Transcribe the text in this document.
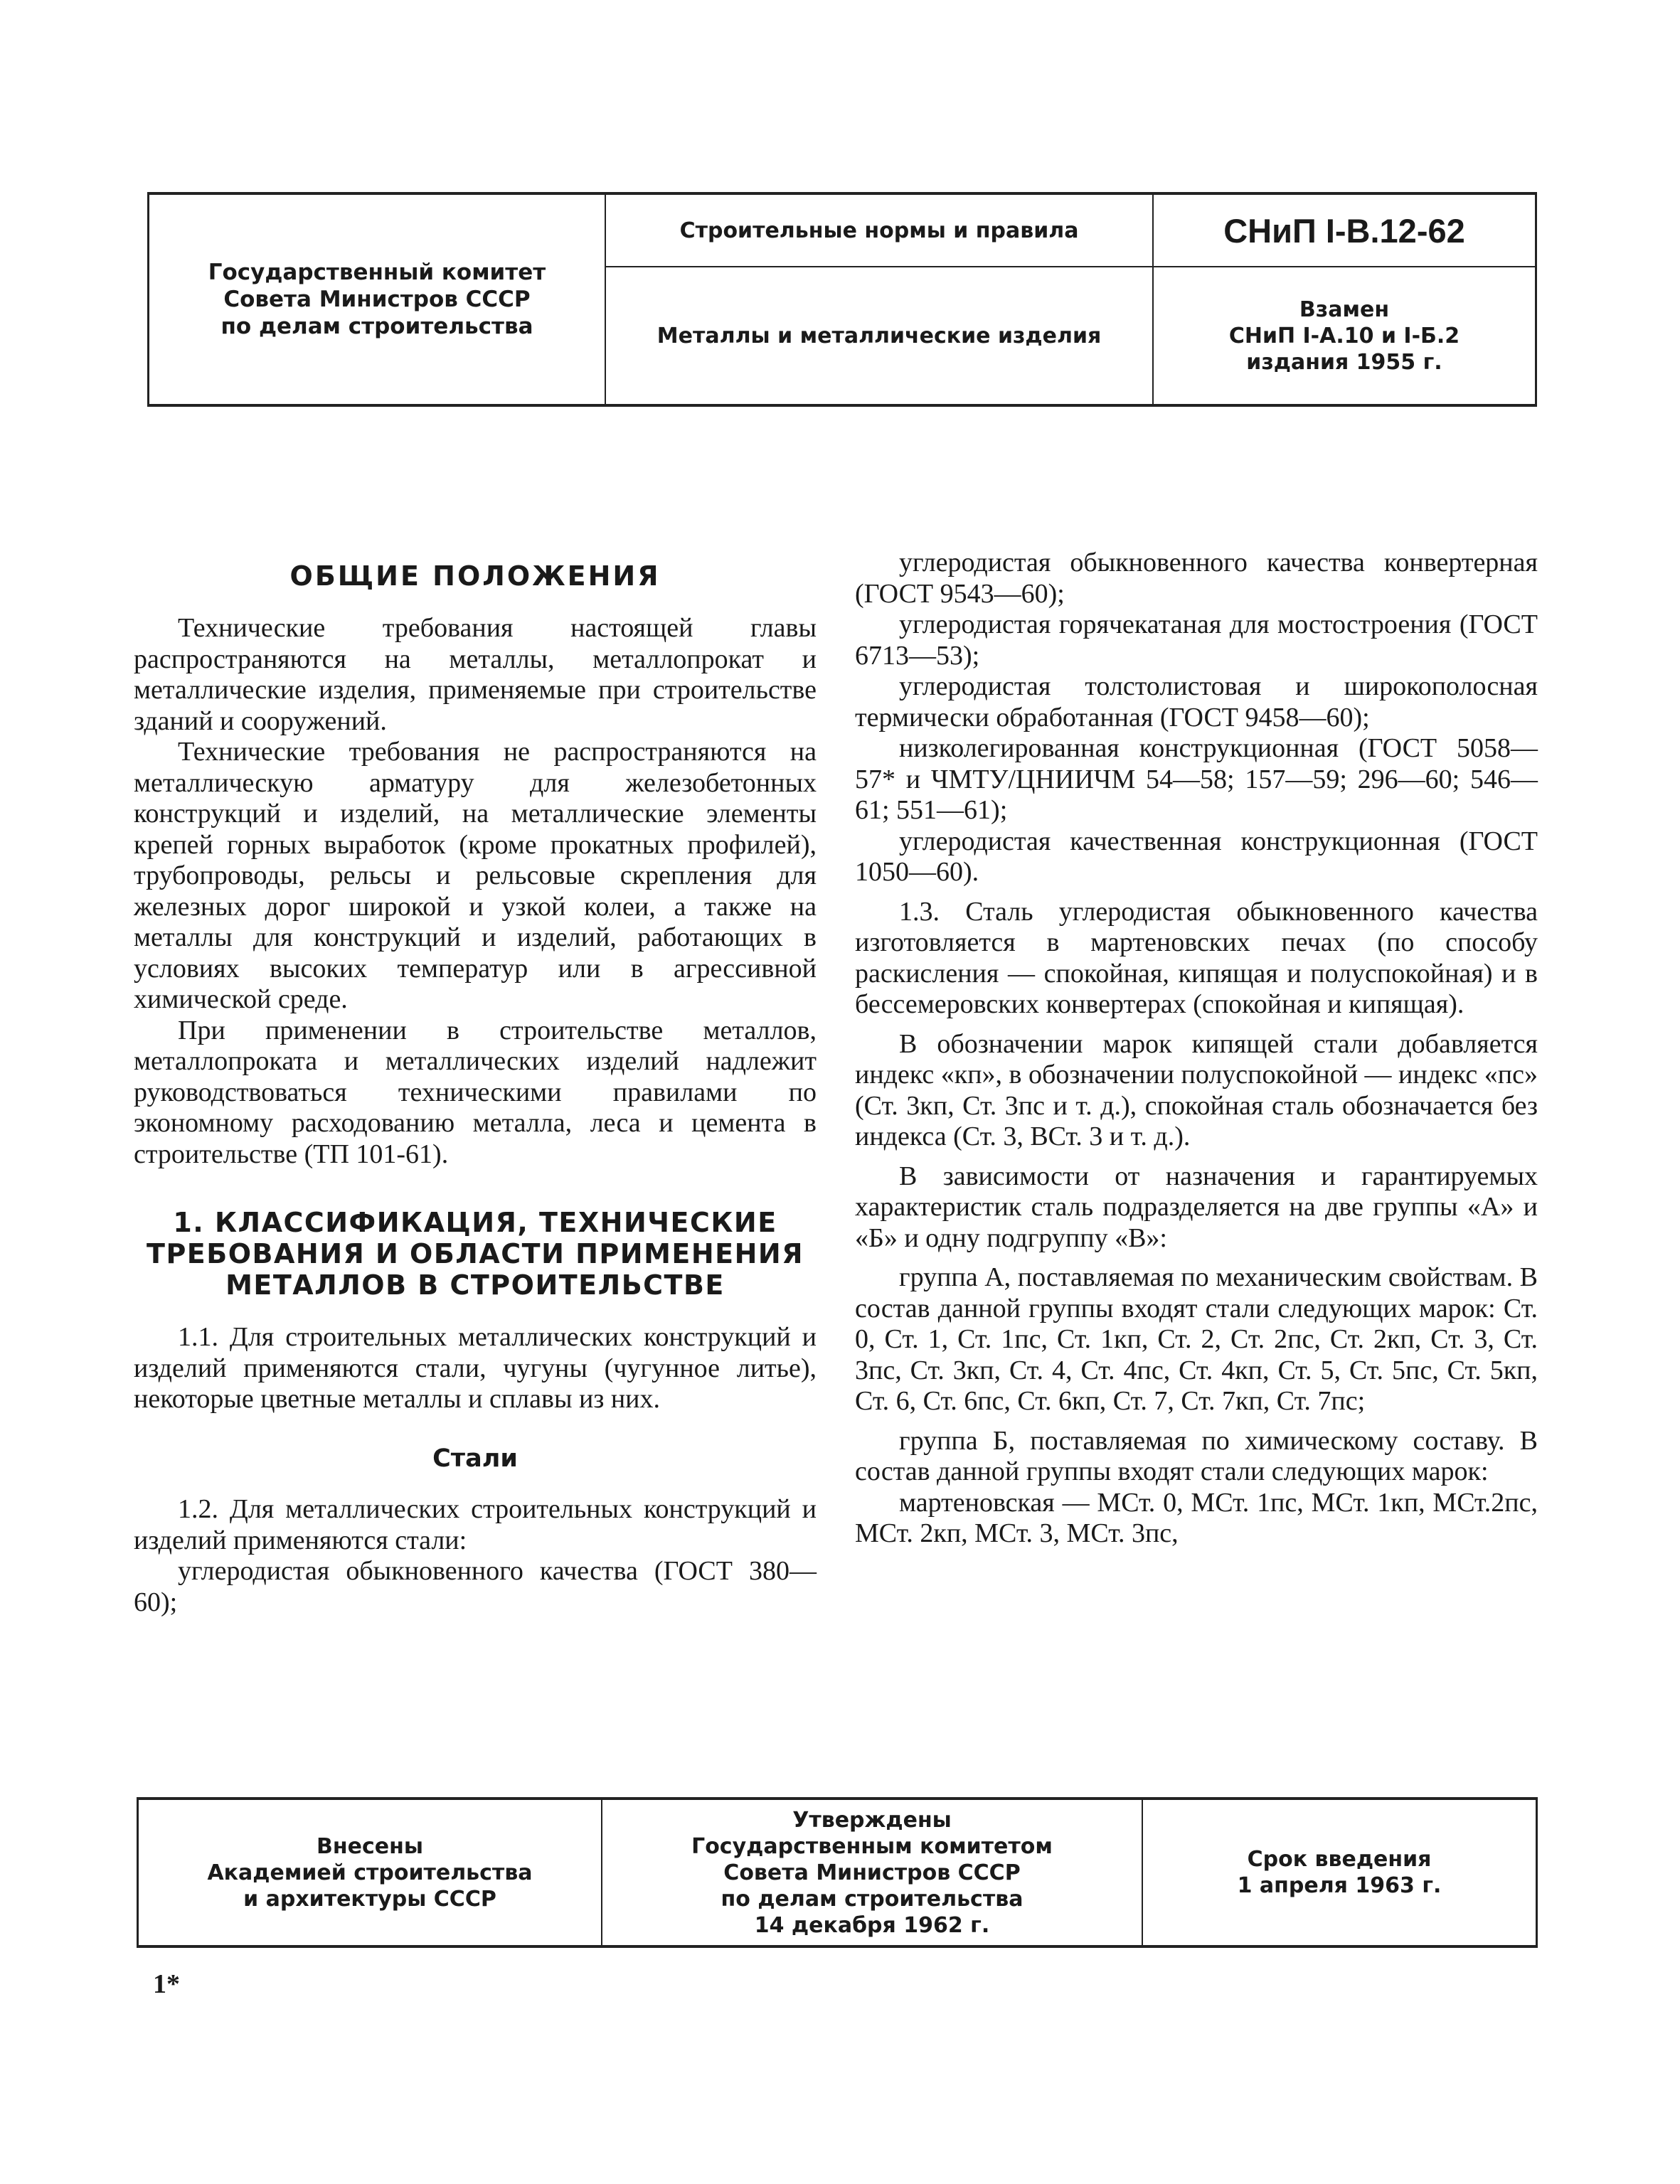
Государственный комитет
Совета Министров СССР
по делам строительства
Строительные нормы и правила	СНиП I-В.12-62
Металлы и металлические изделия
Взамен
СНиП I-А.10 и I-Б.2
издания 1955 г.
ОБЩИЕ ПОЛОЖЕНИЯ

Технические требования настоящей главы распространяются на металлы, металлопрокат и металлические изделия, применяемые при строительстве зданий и сооружений.

Технические требования не распространяются на металлическую арматуру для железобетонных конструкций и изделий, на металлические элементы крепей горных выработок (кроме прокатных профилей), трубопроводы, рельсы и рельсовые скрепления для железных дорог широкой и узкой колеи, а также на металлы для конструкций и изделий, работающих в условиях высоких температур или в агрессивной химической среде.

При применении в строительстве металлов, металлопроката и металлических изделий надлежит руководствоваться техническими правилами по экономному расходованию металла, леса и цемента в строительстве (ТП 101-61).

1. КЛАССИФИКАЦИЯ, ТЕХНИЧЕСКИЕ
ТРЕБОВАНИЯ И ОБЛАСТИ ПРИМЕНЕНИЯ
МЕТАЛЛОВ В СТРОИТЕЛЬСТВЕ

1.1. Для строительных металлических конструкций и изделий применяются стали, чугуны (чугунное литье), некоторые цветные металлы и сплавы из них.

Стали

1.2. Для металлических строительных конструкций и изделий применяются стали:

углеродистая обыкновенного качества (ГОСТ 380—60);

углеродистая обыкновенного качества конвертерная (ГОСТ 9543—60);

углеродистая горячекатаная для мостостроения (ГОСТ 6713—53);

углеродистая толстолистовая и широкополосная термически обработанная (ГОСТ 9458—60);

низколегированная конструкционная (ГОСТ 5058—57* и ЧМТУ/ЦНИИЧМ 54—58; 157—59; 296—60; 546—61; 551—61);

углеродистая качественная конструкционная (ГОСТ 1050—60).

1.3. Сталь углеродистая обыкновенного качества изготовляется в мартеновских печах (по способу раскисления — спокойная, кипящая и полуспокойная) и в бессемеровских конвертерах (спокойная и кипящая).

В обозначении марок кипящей стали добавляется индекс «кп», в обозначении полуспокойной — индекс «пс» (Ст. 3кп, Ст. 3пс и т. д.), спокойная сталь обозначается без индекса (Ст. 3, ВСт. 3 и т. д.).

В зависимости от назначения и гарантируемых характеристик сталь подразделяется на две группы «А» и «Б» и одну подгруппу «В»:

группа А, поставляемая по механическим свойствам. В состав данной группы входят стали следующих марок: Ст. 0, Ст. 1, Ст. 1пс, Ст. 1кп, Ст. 2, Ст. 2пс, Ст. 2кп, Ст. 3, Ст. 3пс, Ст. 3кп, Ст. 4, Ст. 4пс, Ст. 4кп, Ст. 5, Ст. 5пс, Ст. 5кп, Ст. 6, Ст. 6пс, Ст. 6кп, Ст. 7, Ст. 7кп, Ст. 7пс;

группа Б, поставляемая по химическому составу. В состав данной группы входят стали следующих марок:

мартеновская — МСт. 0, МСт. 1пс, МСт. 1кп, МСт.2пс, МСт. 2кп, МСт. 3, МСт. 3пс,

Внесены
Академией строительства
и архитектуры СССР
Утверждены
Государственным комитетом
Совета Министров СССР
по делам строительства
14 декабря 1962 г.
Срок введения
1 апреля 1963 г.
1*
